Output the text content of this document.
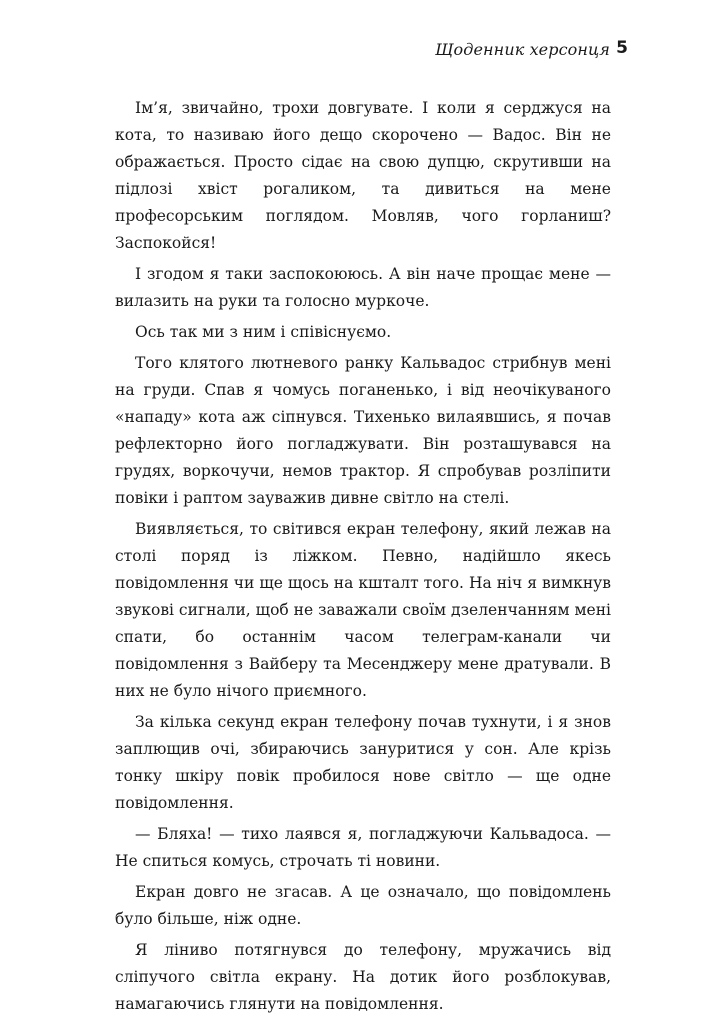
Щоденник херсонця 5

Ім’я, звичайно, трохи довгувате. І коли я серджуся на кота, то називаю його дещо скорочено — Вадос. Він не ображається. Просто сідає на свою дупцю, скрутивши на підлозі хвіст рогаликом, та дивиться на мене професорським поглядом. Мовляв, чого горланиш? Заспокойся!

І згодом я таки заспокоююсь. А він наче прощає мене — вилазить на руки та голосно муркоче.

Ось так ми з ним і співіснуємо.

Того клятого лютневого ранку Кальвадос стрибнув мені на груди. Спав я чомусь поганенько, і від неочікуваного «нападу» кота аж сіпнувся. Тихенько вилаявшись, я почав рефлекторно його погладжувати. Він розташувався на грудях, воркочучи, немов трактор. Я спробував розліпити повіки і раптом зауважив дивне світло на стелі.

Виявляється, то світився екран телефону, який лежав на столі поряд із ліжком. Певно, надійшло якесь повідомлення чи ще щось на кшталт того. На ніч я вимкнув звукові сигнали, щоб не заважали своїм дзеленчанням мені спати, бо останнім часом телеграм-канали чи повідомлення з Вайберу та Месенджеру мене дратували. В них не було нічого приємного.

За кілька секунд екран телефону почав тухнути, і я знов заплющив очі, збираючись зануритися у сон. Але крізь тонку шкіру повік пробилося нове світло — ще одне повідомлення.

— Бляха! — тихо лаявся я, погладжуючи Кальвадоса. — Не спиться комусь, строчать ті новини.

Екран довго не згасав. А це означало, що повідомлень було більше, ніж одне.

Я ліниво потягнувся до телефону, мружачись від сліпучого світла екрану. На дотик його розблокував, намагаючись глянути на повідомлення.
